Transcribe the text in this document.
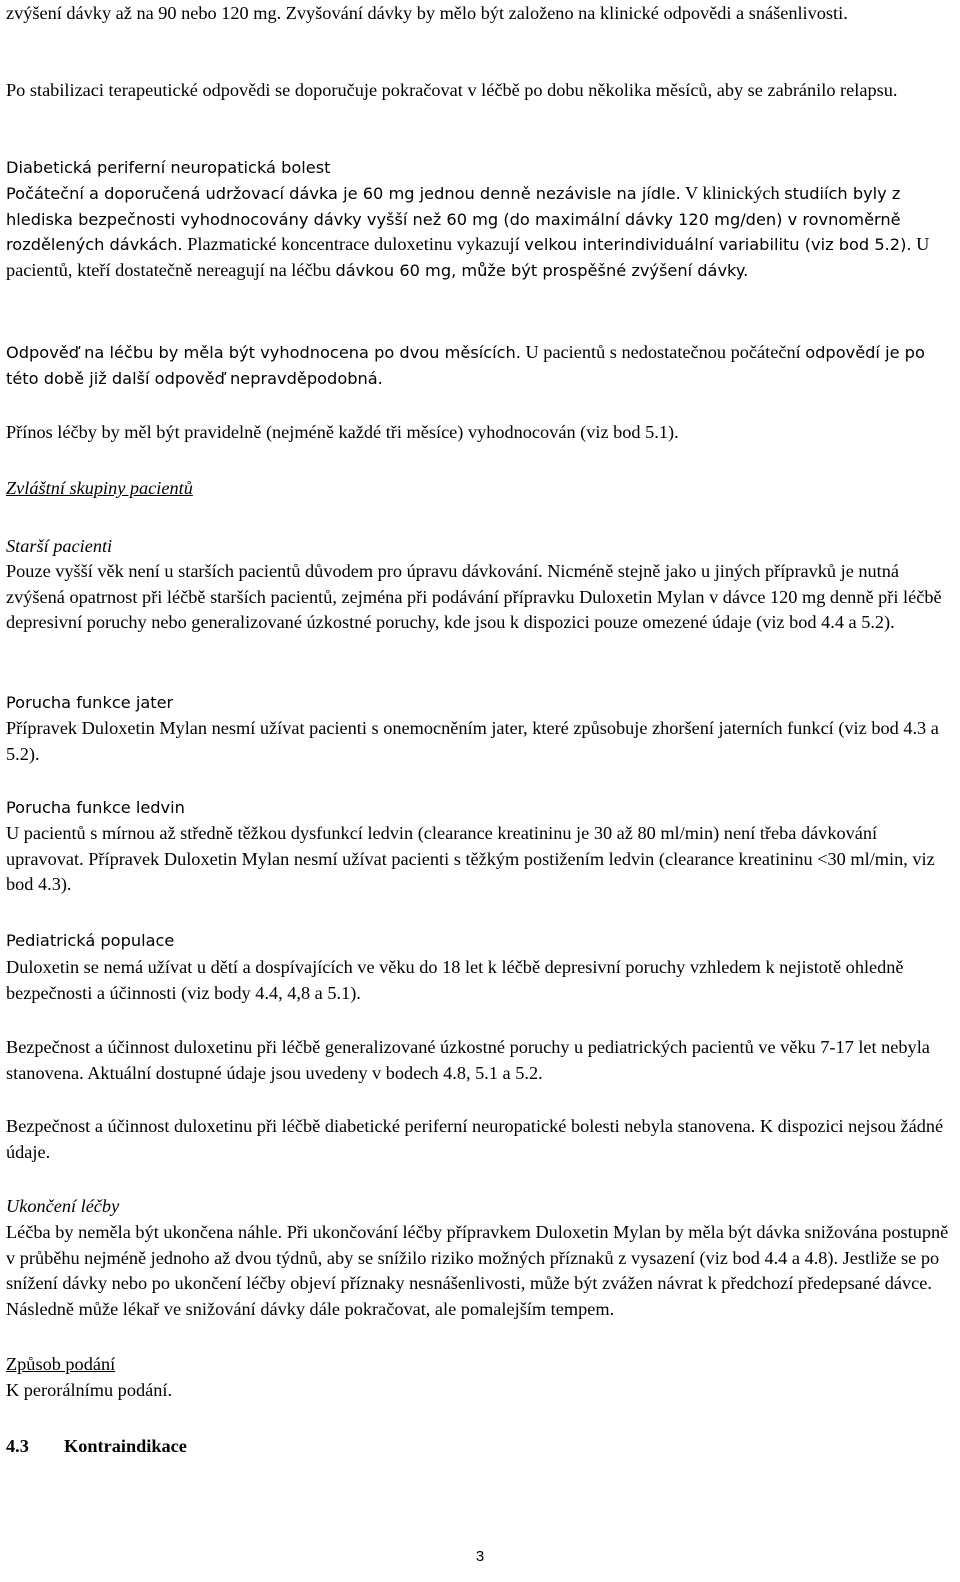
zvýšení dávky až na 90 nebo 120 mg. Zvyšování dávky by mělo být založeno na klinické odpovědi a snášenlivosti.

Po stabilizaci terapeutické odpovědi se doporučuje pokračovat v léčbě po dobu několika měsíců, aby se zabránilo relapsu.

Diabetická periferní neuropatická bolest

Počáteční a doporučená udržovací dávka je 60 mg jednou denně nezávisle na jídle. V klinických studiích byly z hlediska bezpečnosti vyhodnocovány dávky vyšší než 60 mg (do maximální dávky 120 mg/den) v rovnoměrně rozdělených dávkách. Plazmatické koncentrace duloxetinu vykazují velkou interindividuální variabilitu (viz bod 5.2). U pacientů, kteří dostatečně nereagují na léčbu dávkou 60 mg, může být prospěšné zvýšení dávky.

Odpověď na léčbu by měla být vyhodnocena po dvou měsících. U pacientů s nedostatečnou počáteční odpovědí je po této době již další odpověď nepravděpodobná.

Přínos léčby by měl být pravidelně (nejméně každé tři měsíce) vyhodnocován (viz bod 5.1).

Zvláštní skupiny pacientů

Starší pacienti

Pouze vyšší věk není u starších pacientů důvodem pro úpravu dávkování. Nicméně stejně jako u jiných přípravků je nutná zvýšená opatrnost při léčbě starších pacientů, zejména při podávání přípravku Duloxetin Mylan v dávce 120 mg denně při léčbě depresivní poruchy nebo generalizované úzkostné poruchy, kde jsou k dispozici pouze omezené údaje (viz bod 4.4 a 5.2).

Porucha funkce jater

Přípravek Duloxetin Mylan nesmí užívat pacienti s onemocněním jater, které způsobuje zhoršení jaterních funkcí (viz bod 4.3 a 5.2).

Porucha funkce ledvin

U pacientů s mírnou až středně těžkou dysfunkcí ledvin (clearance kreatininu je 30 až 80 ml/min) není třeba dávkování upravovat. Přípravek Duloxetin Mylan nesmí užívat pacienti s těžkým postižením ledvin (clearance kreatininu <30 ml/min, viz bod 4.3).

Pediatrická populace

Duloxetin se nemá užívat u dětí a dospívajících ve věku do 18 let k léčbě depresivní poruchy vzhledem k nejistotě ohledně bezpečnosti a účinnosti (viz body 4.4, 4,8 a 5.1).

Bezpečnost a účinnost duloxetinu při léčbě generalizované úzkostné poruchy u pediatrických pacientů ve věku 7-17 let nebyla stanovena. Aktuální dostupné údaje jsou uvedeny v bodech 4.8, 5.1 a 5.2.

Bezpečnost a účinnost duloxetinu při léčbě diabetické periferní neuropatické bolesti nebyla stanovena. K dispozici nejsou žádné údaje.

Ukončení léčby

Léčba by neměla být ukončena náhle. Při ukončování léčby přípravkem Duloxetin Mylan by měla být dávka snižována postupně v průběhu nejméně jednoho až dvou týdnů, aby se snížilo riziko možných příznaků z vysazení (viz bod 4.4 a 4.8). Jestliže se po snížení dávky nebo po ukončení léčby objeví příznaky nesnášenlivosti, může být zvážen návrat k předchozí předepsané dávce. Následně může lékař ve snižování dávky dále pokračovat, ale pomalejším tempem.

Způsob podání

K perorálnímu podání.

4.3 Kontraindikace

3
